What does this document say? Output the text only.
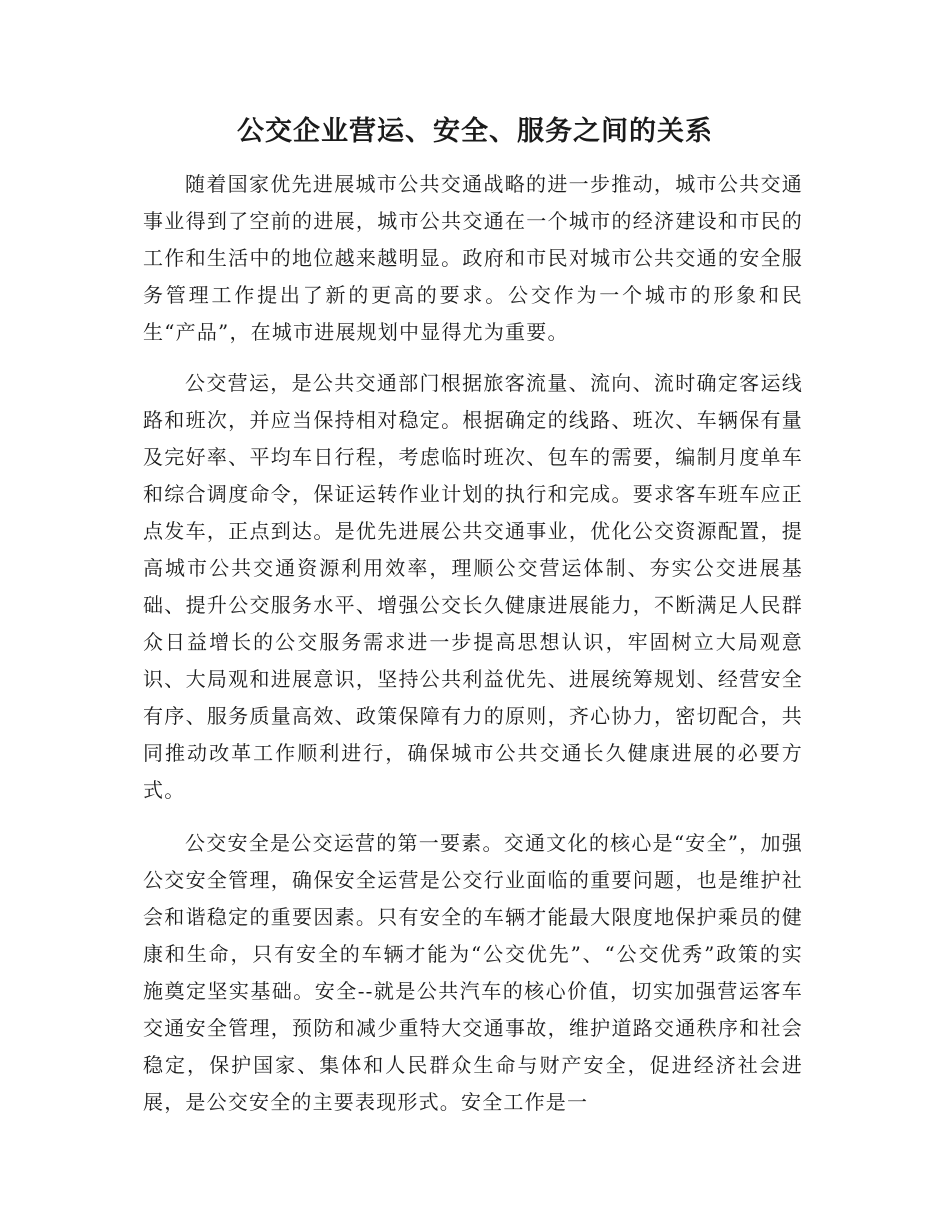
公交企业营运、安全、服务之间的关系

随着国家优先进展城市公共交通战略的进一步推动，城市公共交通事业得到了空前的进展，城市公共交通在一个城市的经济建设和市民的工作和生活中的地位越来越明显。政府和市民对城市公共交通的安全服务管理工作提出了新的更高的要求。公交作为一个城市的形象和民生“产品”，在城市进展规划中显得尤为重要。

公交营运，是公共交通部门根据旅客流量、流向、流时确定客运线路和班次，并应当保持相对稳定。根据确定的线路、班次、车辆保有量及完好率、平均车日行程，考虑临时班次、包车的需要，编制月度单车和综合调度命令，保证运转作业计划的执行和完成。要求客车班车应正点发车，正点到达。是优先进展公共交通事业，优化公交资源配置，提高城市公共交通资源利用效率，理顺公交营运体制、夯实公交进展基础、提升公交服务水平、增强公交长久健康进展能力，不断满足人民群众日益增长的公交服务需求进一步提高思想认识，牢固树立大局观意识、大局观和进展意识，坚持公共利益优先、进展统筹规划、经营安全有序、服务质量高效、政策保障有力的原则，齐心协力，密切配合，共同推动改革工作顺利进行，确保城市公共交通长久健康进展的必要方式。

公交安全是公交运营的第一要素。交通文化的核心是“安全”，加强公交安全管理，确保安全运营是公交行业面临的重要问题，也是维护社会和谐稳定的重要因素。只有安全的车辆才能最大限度地保护乘员的健康和生命，只有安全的车辆才能为“公交优先”、“公交优秀”政策的实施奠定坚实基础。安全--就是公共汽车的核心价值，切实加强营运客车交通安全管理，预防和减少重特大交通事故，维护道路交通秩序和社会稳定，保护国家、集体和人民群众生命与财产安全，促进经济社会进展，是公交安全的主要表现形式。安全工作是一
